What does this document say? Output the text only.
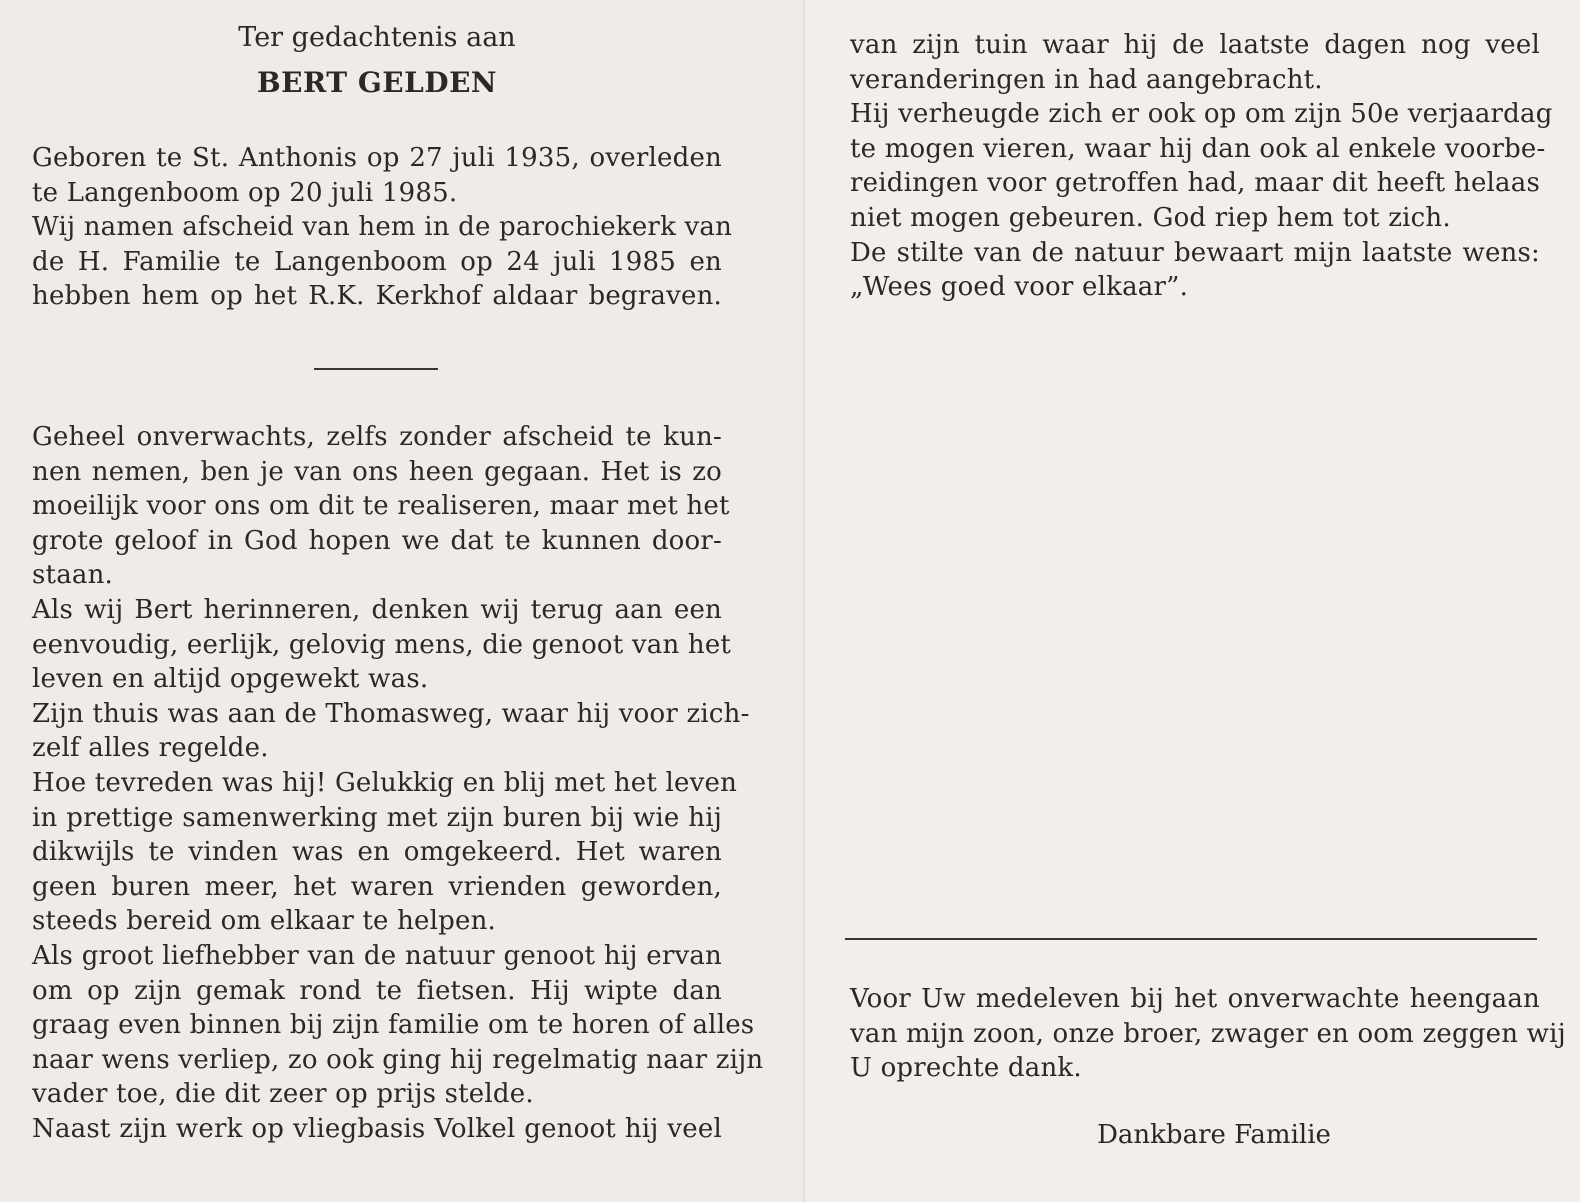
Ter gedachtenis aan
BERT GELDEN
Geboren te St. Anthonis op 27 juli 1935, overleden
te Langenboom op 20 juli 1985.
Wij namen afscheid van hem in de parochiekerk van
de H. Familie te Langenboom op 24 juli 1985 en
hebben hem op het R.K. Kerkhof aldaar begraven.
Geheel onverwachts, zelfs zonder afscheid te kun-
nen nemen, ben je van ons heen gegaan. Het is zo
moeilijk voor ons om dit te realiseren, maar met het
grote geloof in God hopen we dat te kunnen door-
staan.
Als wij Bert herinneren, denken wij terug aan een
eenvoudig, eerlijk, gelovig mens, die genoot van het
leven en altijd opgewekt was.
Zijn thuis was aan de Thomasweg, waar hij voor zich-
zelf alles regelde.
Hoe tevreden was hij! Gelukkig en blij met het leven
in prettige samenwerking met zijn buren bij wie hij
dikwijls te vinden was en omgekeerd. Het waren
geen buren meer, het waren vrienden geworden,
steeds bereid om elkaar te helpen.
Als groot liefhebber van de natuur genoot hij ervan
om op zijn gemak rond te fietsen. Hij wipte dan
graag even binnen bij zijn familie om te horen of alles
naar wens verliep, zo ook ging hij regelmatig naar zijn
vader toe, die dit zeer op prijs stelde.
Naast zijn werk op vliegbasis Volkel genoot hij veel
van zijn tuin waar hij de laatste dagen nog veel
veranderingen in had aangebracht.
Hij verheugde zich er ook op om zijn 50e verjaardag
te mogen vieren, waar hij dan ook al enkele voorbe-
reidingen voor getroffen had, maar dit heeft helaas
niet mogen gebeuren. God riep hem tot zich.
De stilte van de natuur bewaart mijn laatste wens:
„Wees goed voor elkaar”.
Voor Uw medeleven bij het onverwachte heengaan
van mijn zoon, onze broer, zwager en oom zeggen wij
U oprechte dank.
Dankbare Familie
